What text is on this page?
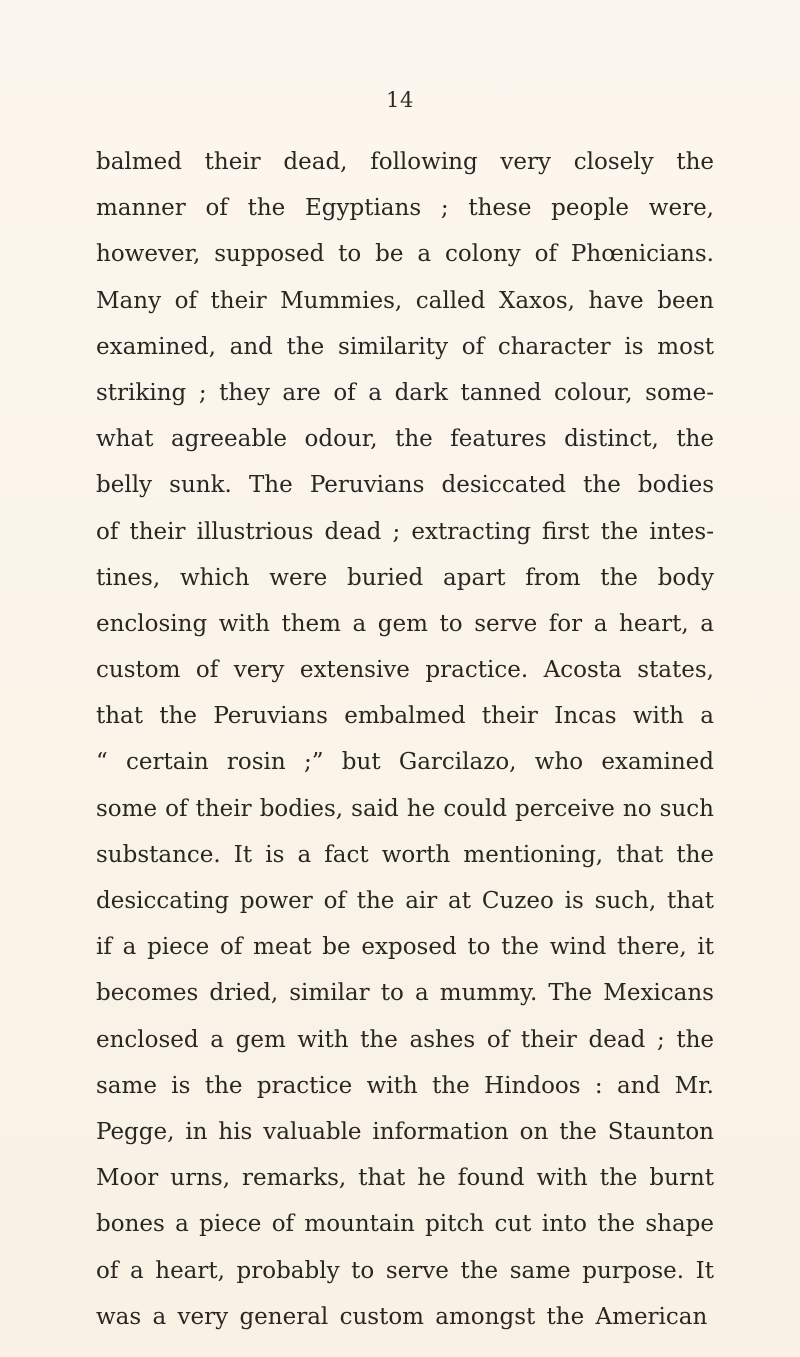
14
balmed their dead, following very closely the
manner of the Egyptians ; these people were,
however, supposed to be a colony of Phœnicians.
Many of their Mummies, called Xaxos, have been
examined, and the similarity of character is most
striking ; they are of a dark tanned colour, some-
what agreeable odour, the features distinct, the
belly sunk. The Peruvians desiccated the bodies
of their illustrious dead ; extracting first the intes-
tines, which were buried apart from the body
enclosing with them a gem to serve for a heart, a
custom of very extensive practice. Acosta states,
that the Peruvians embalmed their Incas with a
“ certain rosin ;” but Garcilazo, who examined
some of their bodies, said he could perceive no such
substance. It is a fact worth mentioning, that the
desiccating power of the air at Cuzeo is such, that
if a piece of meat be exposed to the wind there, it
becomes dried, similar to a mummy. The Mexicans
enclosed a gem with the ashes of their dead ; the
same is the practice with the Hindoos : and Mr.
Pegge, in his valuable information on the Staunton
Moor urns, remarks, that he found with the burnt
bones a piece of mountain pitch cut into the shape
of a heart, probably to serve the same purpose. It
was a very general custom amongst the American
